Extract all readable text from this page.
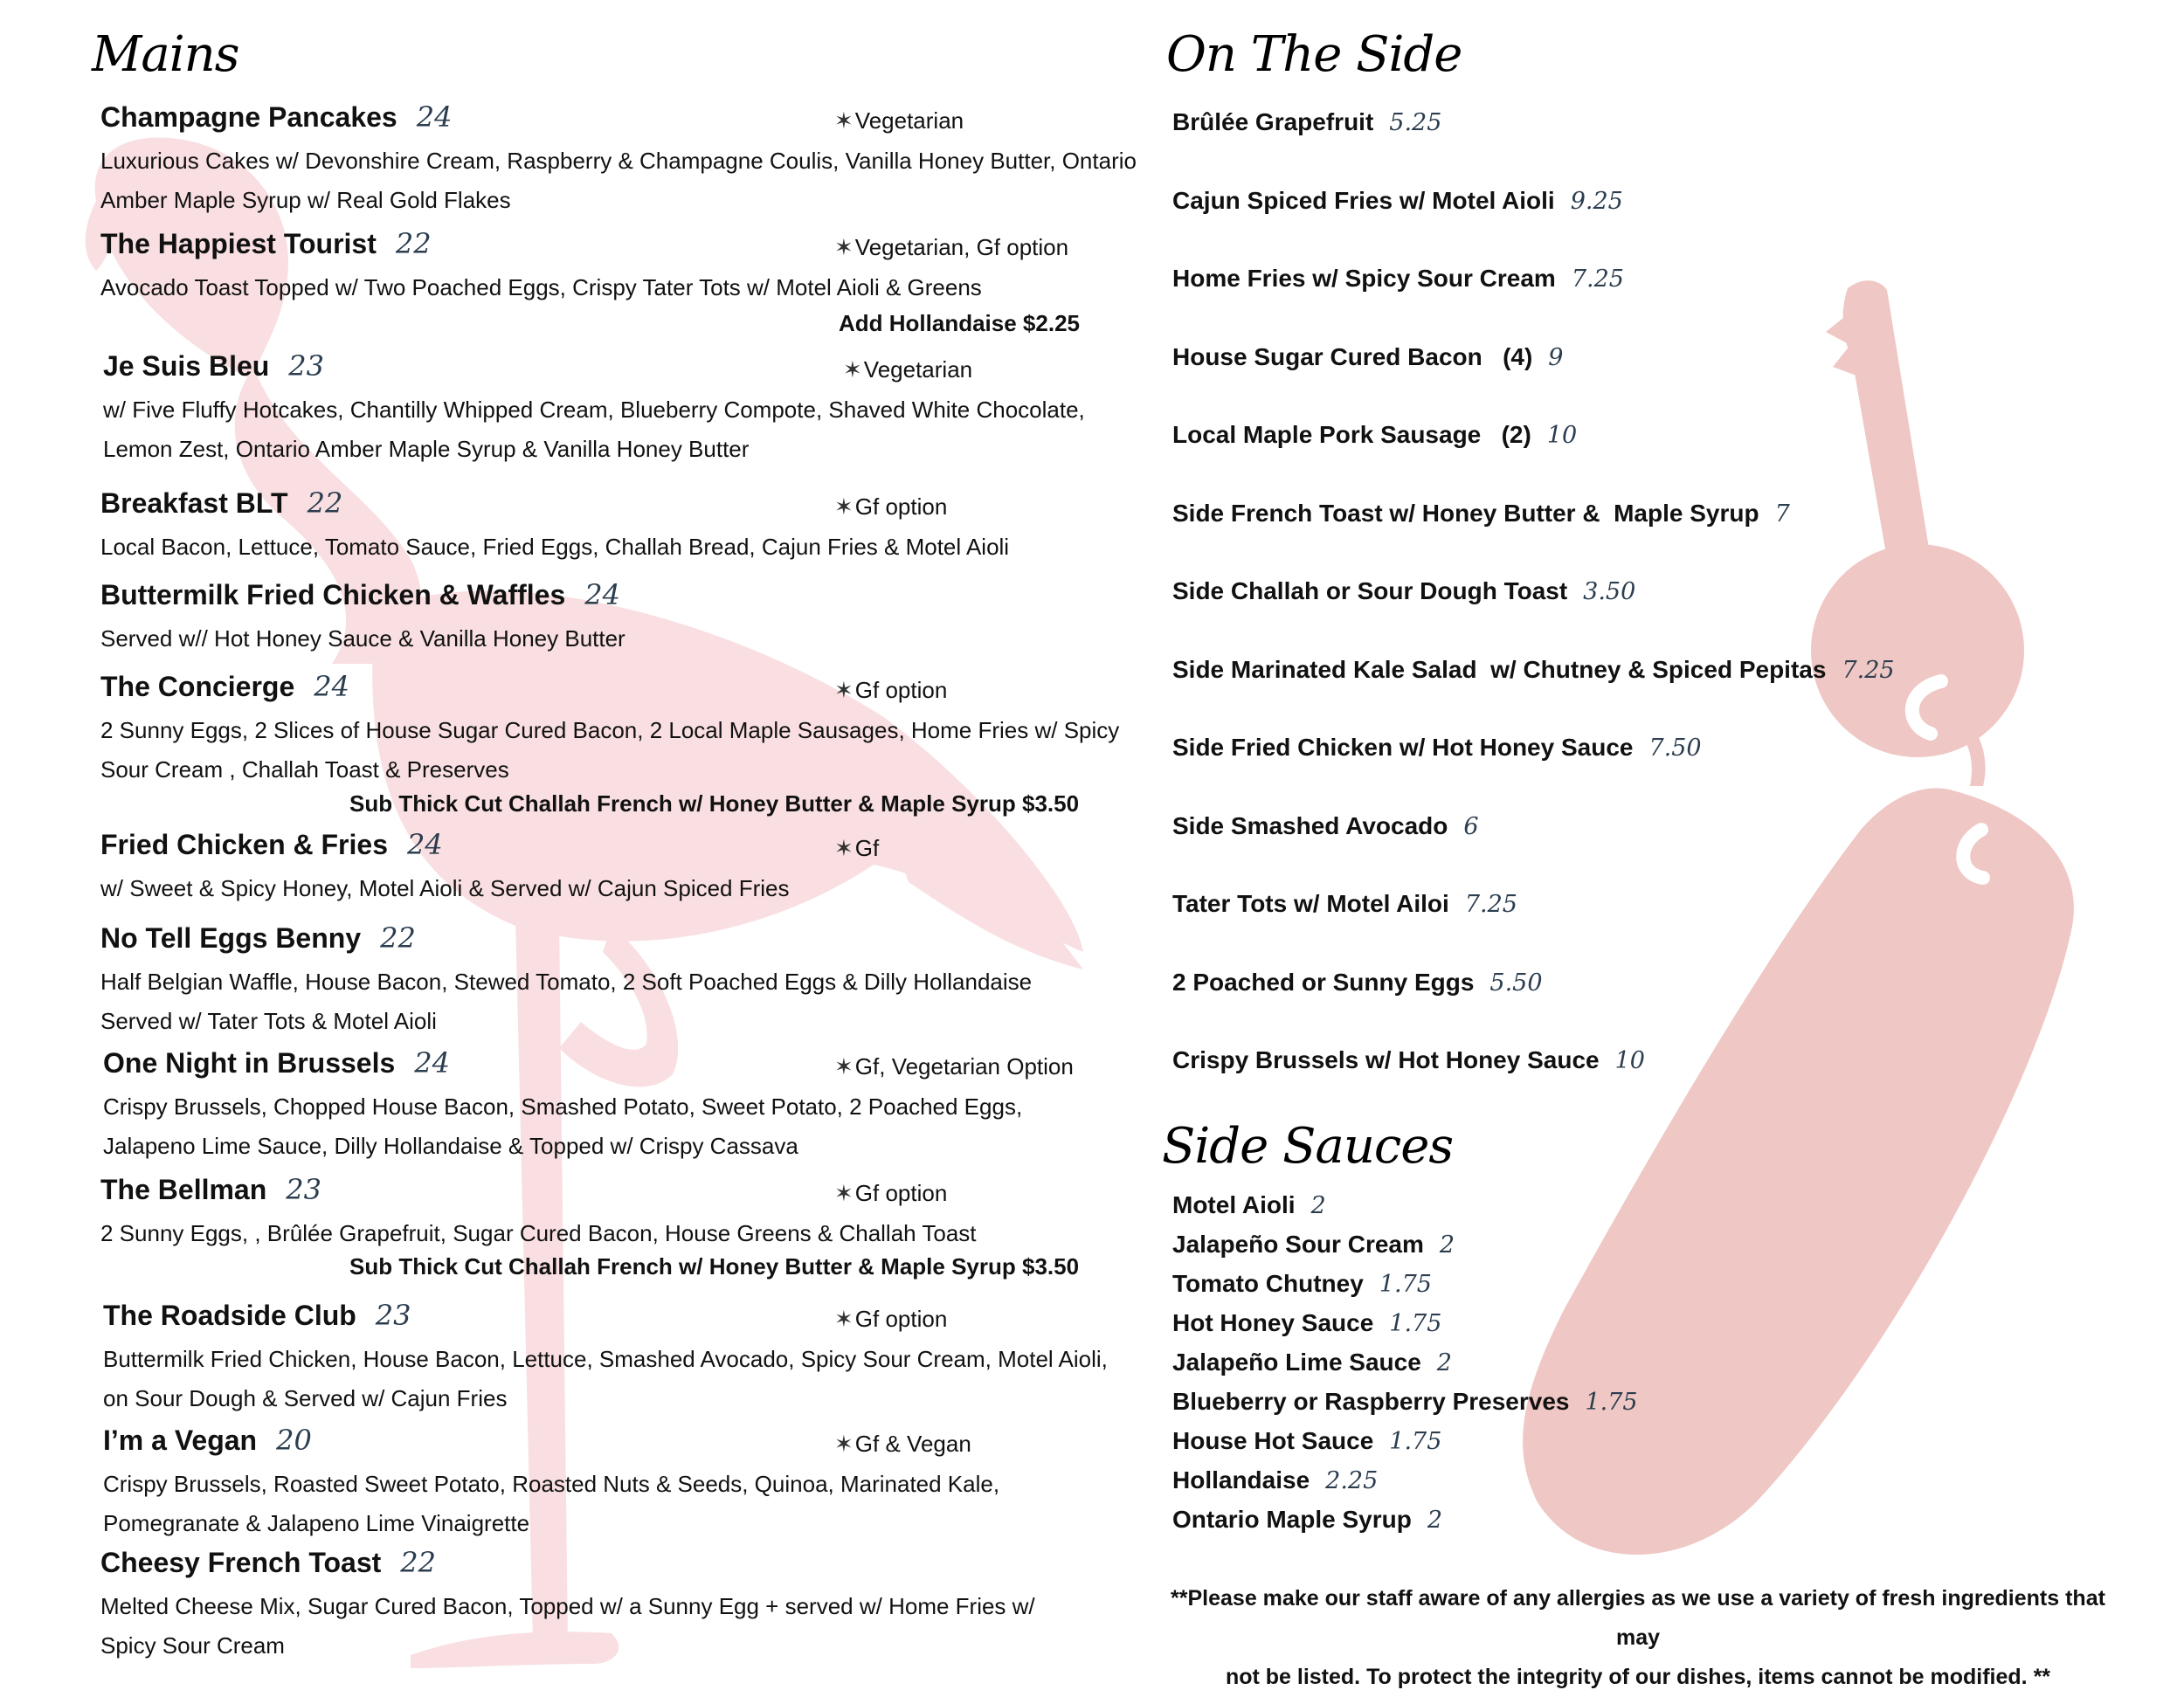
Mains
Champagne Pancakes 24	✶Vegetarian
Luxurious Cakes w/ Devonshire Cream, Raspberry & Champagne Coulis, Vanilla Honey Butter, Ontario
Amber Maple Syrup w/ Real Gold Flakes
The Happiest Tourist 22	✶Vegetarian, Gf option
Avocado Toast Topped w/ Two Poached Eggs, Crispy Tater Tots w/ Motel Aioli & Greens
Add Hollandaise $2.25
Je Suis Bleu 23	✶Vegetarian
w/ Five Fluffy Hotcakes, Chantilly Whipped Cream, Blueberry Compote, Shaved White Chocolate,
Lemon Zest, Ontario Amber Maple Syrup & Vanilla Honey Butter
Breakfast BLT 22	✶Gf option
Local Bacon, Lettuce, Tomato Sauce, Fried Eggs, Challah Bread, Cajun Fries & Motel Aioli
Buttermilk Fried Chicken & Waffles 24
Served w// Hot Honey Sauce & Vanilla Honey Butter
The Concierge 24	✶Gf option
2 Sunny Eggs, 2 Slices of House Sugar Cured Bacon, 2 Local Maple Sausages, Home Fries w/ Spicy
Sour Cream , Challah Toast & Preserves
Sub Thick Cut Challah French w/ Honey Butter & Maple Syrup $3.50
Fried Chicken & Fries 24	✶Gf
w/ Sweet & Spicy Honey, Motel Aioli & Served w/ Cajun Spiced Fries
No Tell Eggs Benny 22
Half Belgian Waffle, House Bacon, Stewed Tomato, 2 Soft Poached Eggs & Dilly Hollandaise
Served w/ Tater Tots & Motel Aioli
One Night in Brussels 24	✶Gf, Vegetarian Option
Crispy Brussels, Chopped House Bacon, Smashed Potato, Sweet Potato, 2 Poached Eggs,
Jalapeno Lime Sauce, Dilly Hollandaise & Topped w/ Crispy Cassava
The Bellman 23	✶Gf option
2 Sunny Eggs, , Brûlée Grapefruit, Sugar Cured Bacon, House Greens & Challah Toast
Sub Thick Cut Challah French w/ Honey Butter & Maple Syrup $3.50
The Roadside Club 23	✶Gf option
Buttermilk Fried Chicken, House Bacon, Lettuce, Smashed Avocado, Spicy Sour Cream, Motel Aioli,
on Sour Dough & Served w/ Cajun Fries
I’m a Vegan 20	✶Gf & Vegan
Crispy Brussels, Roasted Sweet Potato, Roasted Nuts & Seeds, Quinoa, Marinated Kale,
Pomegranate & Jalapeno Lime Vinaigrette
Cheesy French Toast 22
Melted Cheese Mix, Sugar Cured Bacon, Topped w/ a Sunny Egg + served w/ Home Fries w/
Spicy Sour Cream
On The Side
Brûlée Grapefruit 5.25
Cajun Spiced Fries w/ Motel Aioli 9.25
Home Fries w/ Spicy Sour Cream 7.25
House Sugar Cured Bacon   (4) 9
Local Maple Pork Sausage   (2) 10
Side French Toast w/ Honey Butter &  Maple Syrup 7
Side Challah or Sour Dough Toast 3.50
Side Marinated Kale Salad  w/ Chutney & Spiced Pepitas 7.25
Side Fried Chicken w/ Hot Honey Sauce 7.50
Side Smashed Avocado 6
Tater Tots w/ Motel Ailoi 7.25
2 Poached or Sunny Eggs 5.50
Crispy Brussels w/ Hot Honey Sauce 10
Side Sauces
Motel Aioli 2
Jalapeño Sour Cream 2
Tomato Chutney 1.75
Hot Honey Sauce 1.75
Jalapeño Lime Sauce 2
Blueberry or Raspberry Preserves 1.75
House Hot Sauce 1.75
Hollandaise 2.25
Ontario Maple Syrup 2
**Please make our staff aware of any allergies as we use a variety of fresh ingredients that may
not be listed. To protect the integrity of our dishes, items cannot be modified. **
